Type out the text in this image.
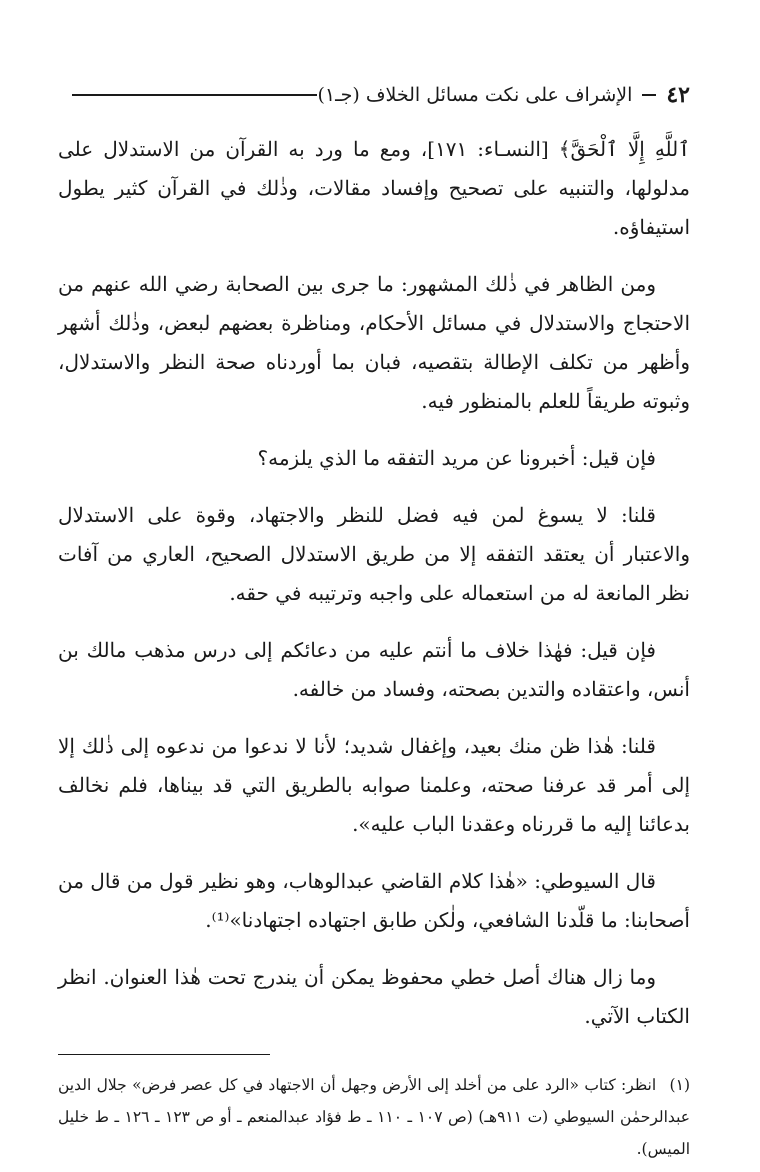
٤٢
الإشراف على نكت مسائل الخلاف (جـ١)

ٱللَّهِ إِلَّا ٱلْحَقَّ﴾ [النسـاء: ١٧١]، ومع ما ورد به القرآن من الاستدلال على مدلولها، والتنبيه على تصحيح وإفساد مقالات، وذٰلك في القرآن كثير يطول استيفاؤه.

ومن الظاهر في ذٰلك المشهور: ما جرى بين الصحابة رضي الله عنهم من الاحتجاج والاستدلال في مسائل الأحكام، ومناظرة بعضهم لبعض، وذٰلك أشهر وأظهر من تكلف الإطالة بتقصيه، فبان بما أوردناه صحة النظر والاستدلال، وثبوته طريقاً للعلم بالمنظور فيه.

فإن قيل: أخبرونا عن مريد التفقه ما الذي يلزمه؟

قلنا: لا يسوغ لمن فيه فضل للنظر والاجتهاد، وقوة على الاستدلال والاعتبار أن يعتقد التفقه إلا من طريق الاستدلال الصحيح، العاري من آفات نظر المانعة له من استعماله على واجبه وترتيبه في حقه.

فإن قيل: فهٰذا خلاف ما أنتم عليه من دعائكم إلى درس مذهب مالك بن أنس، واعتقاده والتدين بصحته، وفساد من خالفه.

قلنا: هٰذا ظن منك بعيد، وإغفال شديد؛ لأنا لا ندعوا من ندعوه إلى ذٰلك إلا إلى أمر قد عرفنا صحته، وعلمنا صوابه بالطريق التي قد بيناها، فلم نخالف بدعائنا إليه ما قررناه وعقدنا الباب عليه».

قال السيوطي: «هٰذا كلام القاضي عبدالوهاب، وهو نظير قول من قال من أصحابنا: ما قلّدنا الشافعي، ولٰكن طابق اجتهاده اجتهادنا»⁽¹⁾.

وما زال هناك أصل خطي محفوظ يمكن أن يندرج تحت هٰذا العنوان. انظر الكتاب الآتي.

(١) انظر: كتاب «الرد على من أخلد إلى الأرض وجهل أن الاجتهاد في كل عصر فرض» جلال الدين عبدالرحمٰن السيوطي (ت ٩١١هـ) (ص ١٠٧ ـ ١١٠ ـ ط فؤاد عبدالمنعم ـ أو ص ١٢٣ ـ ١٢٦ ـ ط خليل الميس).
